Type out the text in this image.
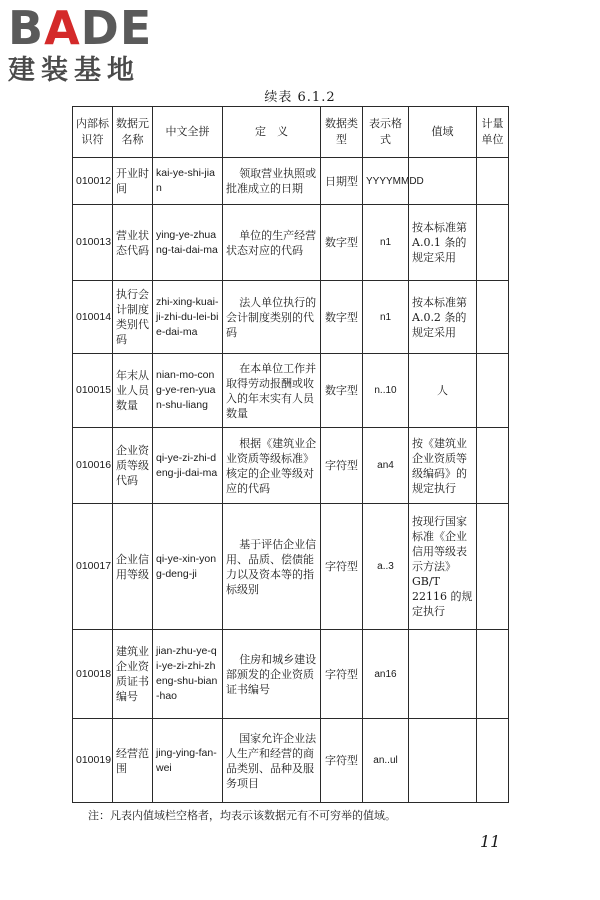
BADE
建装基地
续表 6.1.2
内部标识符	数据元名称	中文全拼	定　义	数据类型	表示格式	值域	计量单位
010012	开业时间	kai-ye-shi-jian	领取营业执照或批准成立的日期	日期型	YYYYMMDD		
010013	营业状态代码	ying-ye-zhuang-tai-dai-ma	单位的生产经营状态对应的代码	数字型	n1	按本标准第 A.0.1 条的规定采用	
010014	执行会计制度类别代码	zhi-xing-kuai-ji-zhi-du-lei-bie-dai-ma	法人单位执行的会计制度类别的代码	数字型	n1	按本标准第 A.0.2 条的规定采用	
010015	年末从业人员数量	nian-mo-cong-ye-ren-yuan-shu-liang	在本单位工作并取得劳动报酬或收入的年末实有人员数量	数字型	n..10	人	
010016	企业资质等级代码	qi-ye-zi-zhi-deng-ji-dai-ma	根据《建筑业企业资质等级标准》核定的企业等级对应的代码	字符型	an4	按《建筑业企业资质等级编码》的规定执行	
010017	企业信用等级	qi-ye-xin-yong-deng-ji	基于评估企业信用、品质、偿债能力以及资本等的指标级别	字符型	a..3	按现行国家标准《企业信用等级表示方法》GB/T 22116 的规定执行	
010018	建筑业企业资质证书编号	jian-zhu-ye-qi-ye-zi-zhi-zheng-shu-bian-hao	住房和城乡建设部颁发的企业资质证书编号	字符型	an16		
010019	经营范围	jing-ying-fan-wei	国家允许企业法人生产和经营的商品类别、品种及服务项目	字符型	an..ul		
注：凡表内值域栏空格者，均表示该数据元有不可穷举的值域。
11
